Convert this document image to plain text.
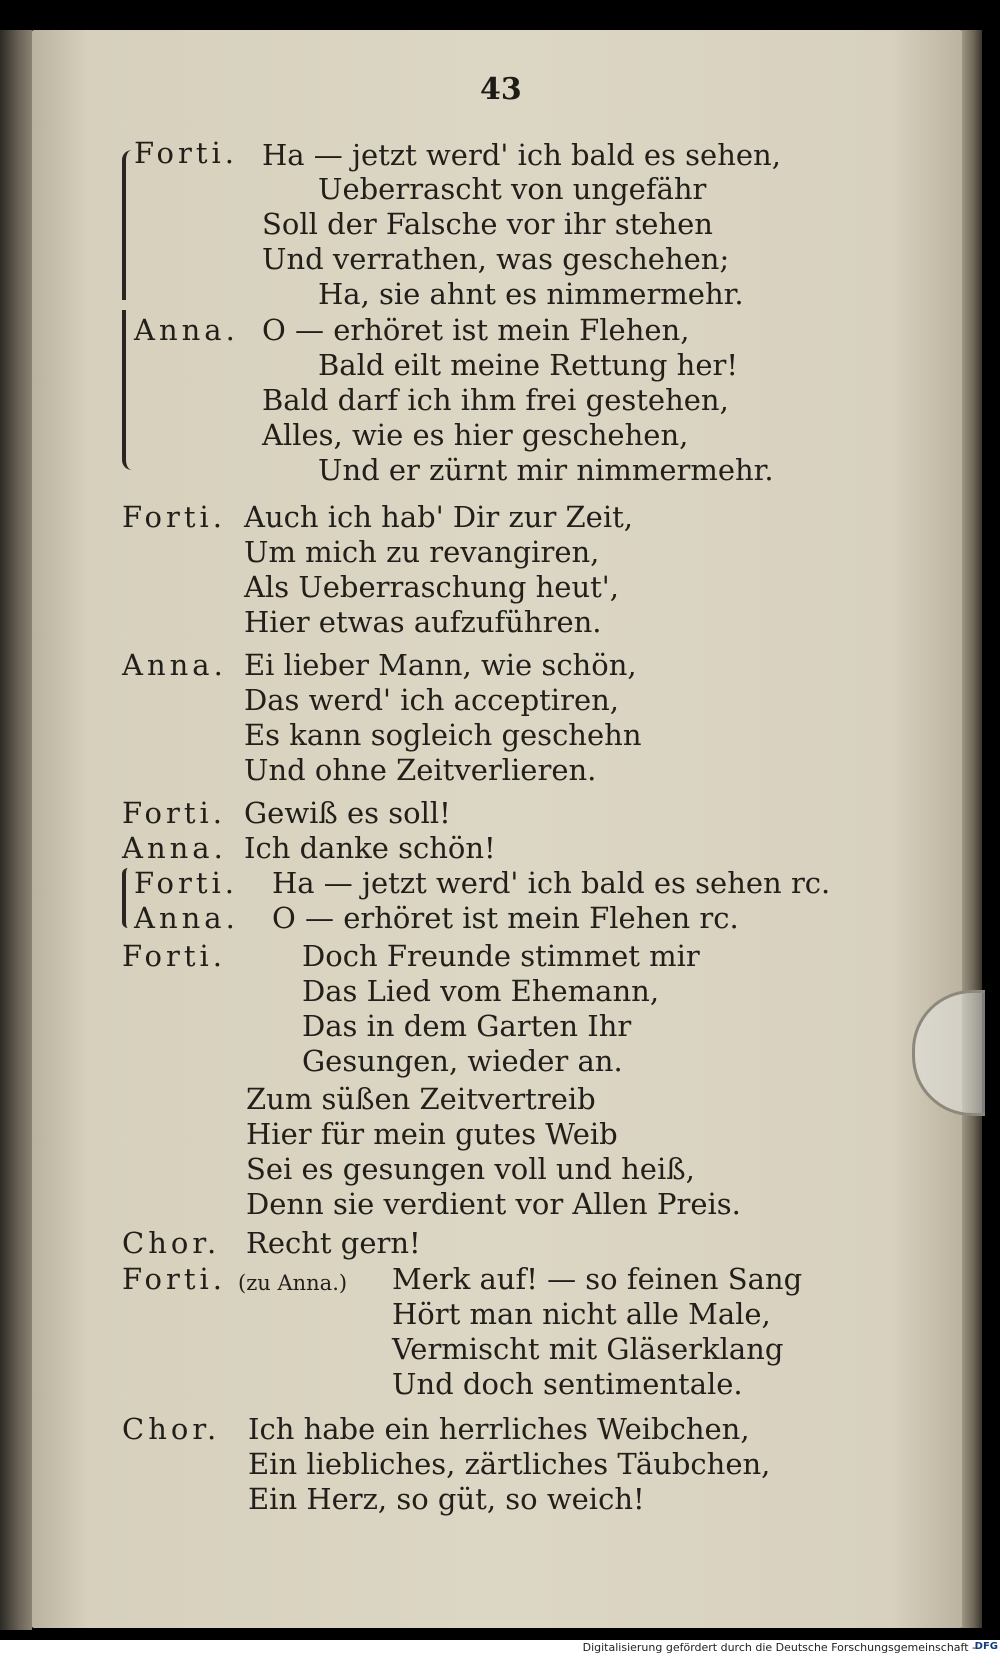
43
Forti. Ha — jetzt werd' ich bald es sehen,
Ueberrascht von ungefähr
Soll der Falsche vor ihr stehen
Und verrathen, was geschehen;
Ha, sie ahnt es nimmermehr.
Anna. O — erhöret ist mein Flehen,
Bald eilt meine Rettung her!
Bald darf ich ihm frei gestehen,
Alles, wie es hier geschehen,
Und er zürnt mir nimmermehr.
Forti. Auch ich hab' Dir zur Zeit,
Um mich zu revangiren,
Als Ueberraschung heut',
Hier etwas aufzuführen.
Anna. Ei lieber Mann, wie schön,
Das werd' ich acceptiren,
Es kann sogleich geschehn
Und ohne Zeitverlieren.
Forti. Gewiß es soll!
Anna. Ich danke schön!
Forti. Ha — jetzt werd' ich bald es sehen rc.
Anna. O — erhöret ist mein Flehen rc.
Forti.	Doch Freunde stimmet mir
Das Lied vom Ehemann,
Das in dem Garten Ihr
Gesungen, wieder an.
Zum süßen Zeitvertreib
Hier für mein gutes Weib
Sei es gesungen voll und heiß,
Denn sie verdient vor Allen Preis.
Chor. Recht gern!
Forti. (zu Anna.) Merk auf! — so feinen Sang
Hört man nicht alle Male,
Vermischt mit Gläserklang
Und doch sentimentale.
Chor. Ich habe ein herrliches Weibchen,
Ein liebliches, zärtliches Täubchen,
Ein Herz, so güt, so weich!
Digitalisierung gefördert durch die Deutsche Forschungsgemeinschaft -
DFG
